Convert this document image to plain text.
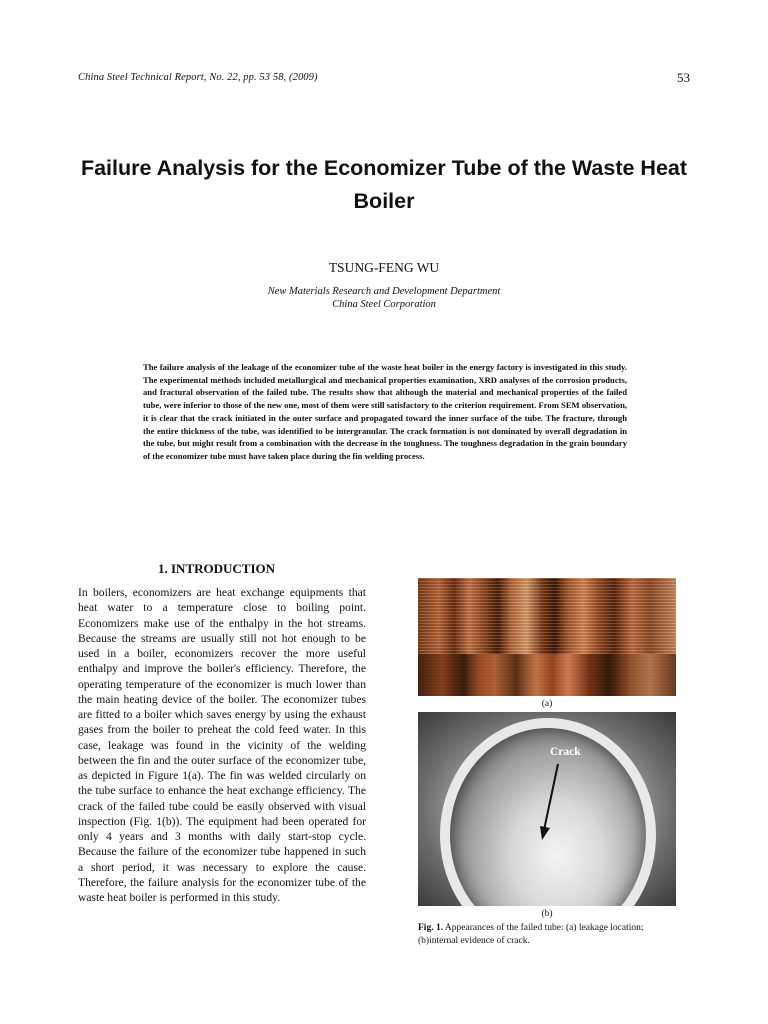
China Steel Technical Report, No. 22, pp. 53 58, (2009)	53
Failure Analysis for the Economizer Tube of the Waste Heat Boiler
TSUNG-FENG WU
New Materials Research and Development Department
China Steel Corporation

The failure analysis of the leakage of the economizer tube of the waste heat boiler in the energy factory is investigated in this study. The experimental methods included metallurgical and mechanical properties examination, XRD analyses of the corrosion products, and fractural observation of the failed tube. The results show that although the material and mechanical properties of the failed tube, were inferior to those of the new one, most of them were still satisfactory to the criterion requirement. From SEM observation, it is clear that the crack initiated in the outer surface and propagated toward the inner surface of the tube. The fracture, through the entire thickness of the tube, was identified to be intergranular. The crack formation is not dominated by overall degradation in the tube, but might result from a combination with the decrease in the toughness. The toughness degradation in the grain boundary of the economizer tube must have taken place during the fin welding process.

1. INTRODUCTION

In boilers, economizers are heat exchange equipments that heat water to a temperature close to boiling point. Economizers make use of the enthalpy in the hot streams. Because the streams are usually still not hot enough to be used in a boiler, economizers recover the more useful enthalpy and improve the boiler's efficiency. Therefore, the operating temperature of the economizer is much lower than the main heating device of the boiler. The economizer tubes are fitted to a boiler which saves energy by using the exhaust gases from the boiler to preheat the cold feed water. In this case, leakage was found in the vicinity of the welding between the fin and the outer surface of the economizer tube, as depicted in Figure 1(a). The fin was welded circularly on the tube surface to enhance the heat exchange efficiency. The crack of the failed tube could be easily observed with visual inspection (Fig. 1(b)). The equipment had been operated for only 4 years and 3 months with daily start-stop cycle. Because the failure of the economizer tube happened in such a short period, it was necessary to explore the cause. Therefore, the failure analysis for the economizer tube of the waste heat boiler is performed in this study.

(a)
Crack
(b)

Fig. 1. Appearances of the failed tube: (a) leakage location; (b)internal evidence of crack.
